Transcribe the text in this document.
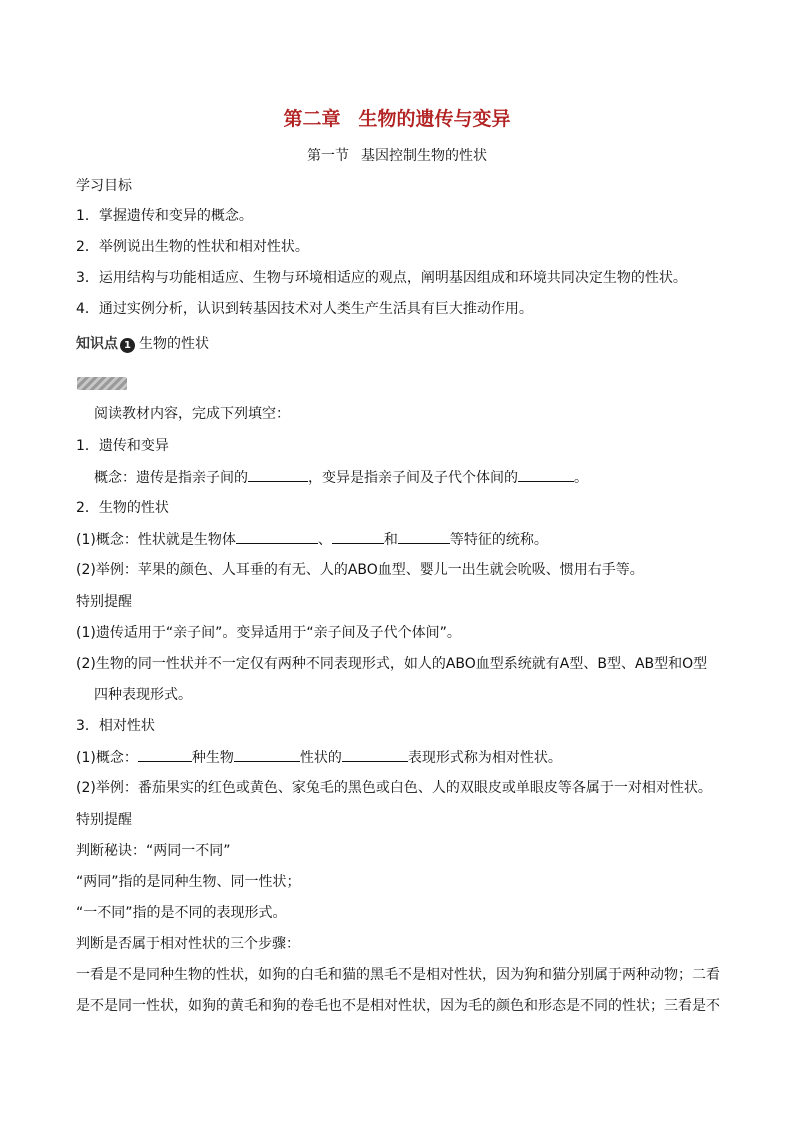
第二章 生物的遗传与变异
第一节 基因控制生物的性状
学习目标
1．掌握遗传和变异的概念。
2．举例说出生物的性状和相对性状。
3．运用结构与功能相适应、生物与环境相适应的观点，阐明基因组成和环境共同决定生物的性状。
4．通过实例分析，认识到转基因技术对人类生产生活具有巨大推动作用。
知识点 1 生物的性状
阅读教材内容，完成下列填空：
1．遗传和变异
概念：遗传是指亲子间的	，变异是指亲子间及子代个体间的	。
2．生物的性状
(1)概念：性状就是生物体	、	和	等特征的统称。
(2)举例：苹果的颜色、人耳垂的有无、人的ABO血型、婴儿一出生就会吮吸、惯用右手等。
特别提醒
(1)遗传适用于“亲子间”。变异适用于“亲子间及子代个体间”。
(2)生物的同一性状并不一定仅有两种不同表现形式，如人的ABO血型系统就有A型、B型、AB型和O型
四种表现形式。
3．相对性状
(1)概念：	种生物	性状的	表现形式称为相对性状。
(2)举例：番茄果实的红色或黄色、家兔毛的黑色或白色、人的双眼皮或单眼皮等各属于一对相对性状。
特别提醒
判断秘诀：“两同一不同”
“两同”指的是同种生物、同一性状；
“一不同”指的是不同的表现形式。
判断是否属于相对性状的三个步骤：
一看是不是同种生物的性状，如狗的白毛和猫的黑毛不是相对性状，因为狗和猫分别属于两种动物；二看
是不是同一性状，如狗的黄毛和狗的卷毛也不是相对性状，因为毛的颜色和形态是不同的性状；三看是不
